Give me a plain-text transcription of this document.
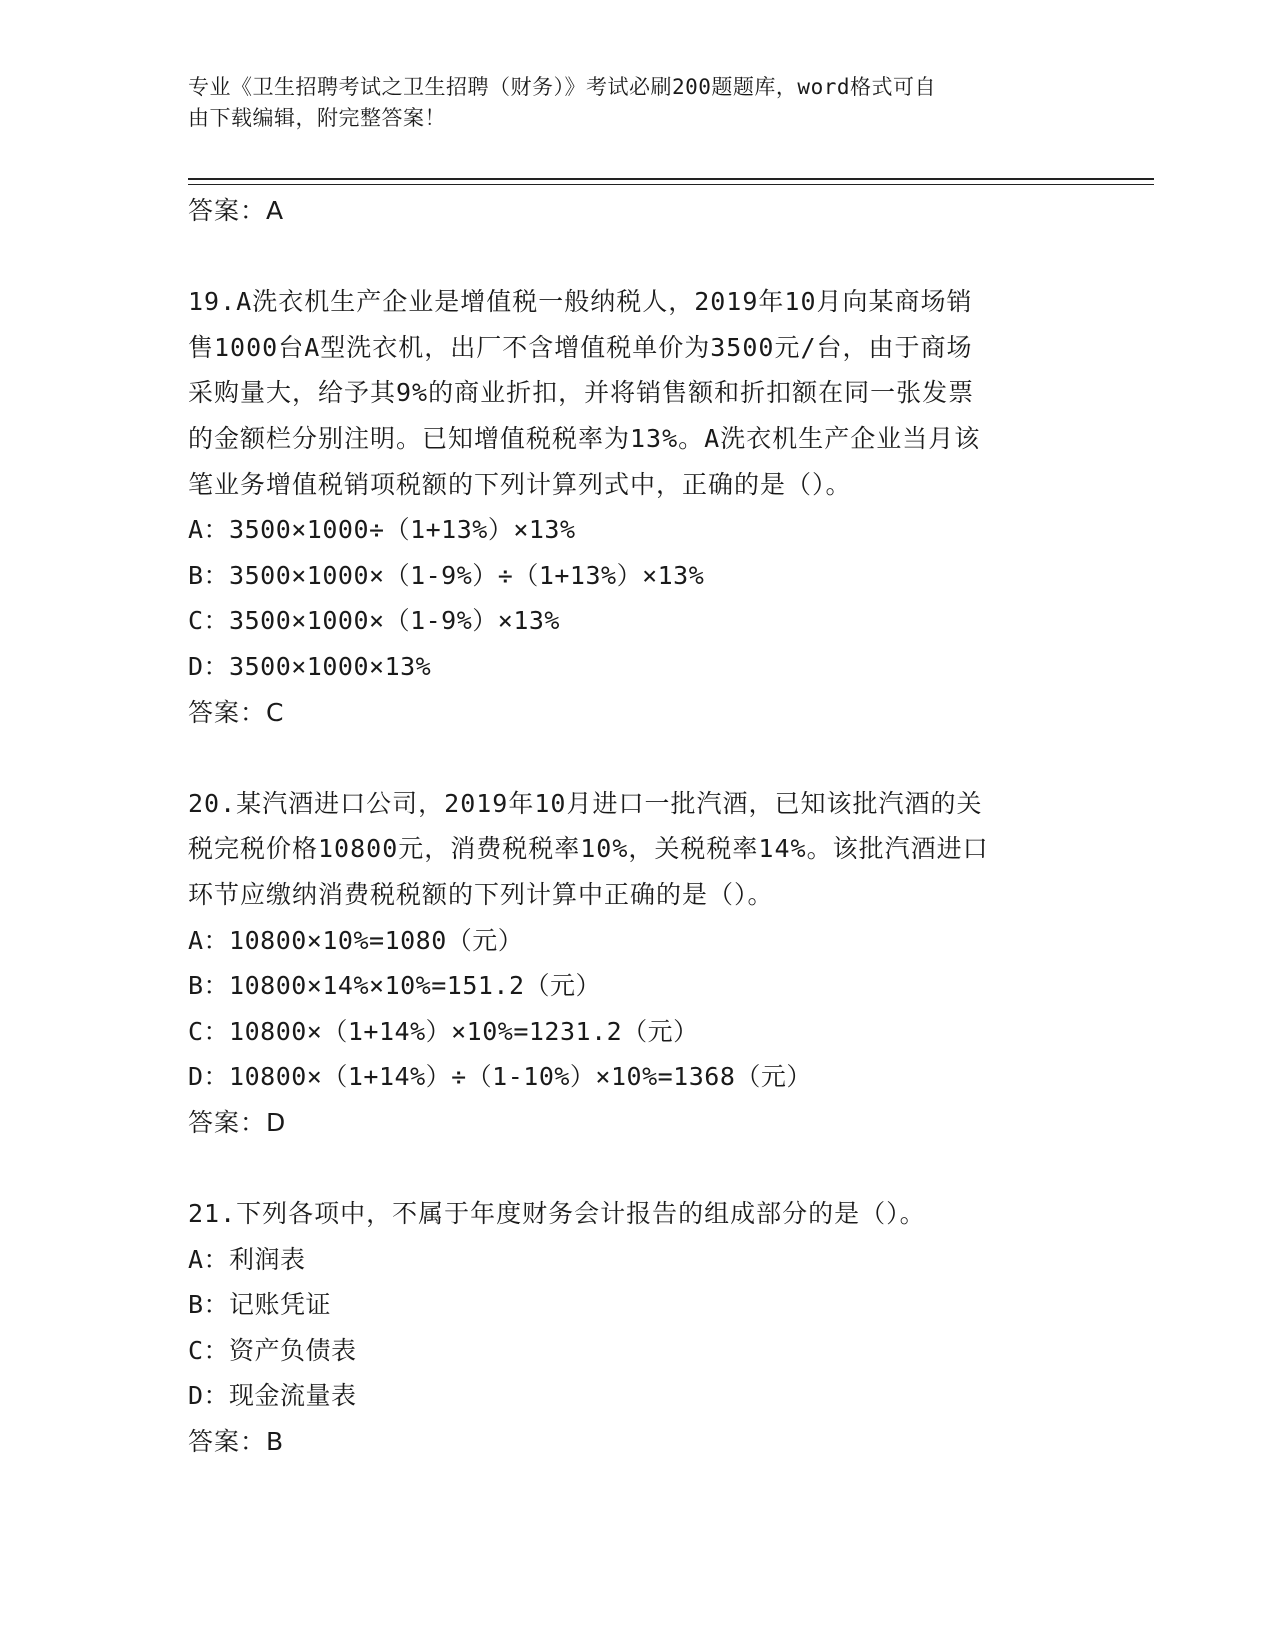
专业《卫生招聘考试之卫生招聘（财务）》考试必刷200题题库，word格式可自
由下载编辑，附完整答案！
答案：A
19.A洗衣机生产企业是增值税一般纳税人，2019年10月向某商场销
售1000台A型洗衣机，出厂不含增值税单价为3500元/台，由于商场
采购量大，给予其9%的商业折扣，并将销售额和折扣额在同一张发票
的金额栏分别注明。已知增值税税率为13%。A洗衣机生产企业当月该
笔业务增值税销项税额的下列计算列式中，正确的是（）。
A：3500×1000÷（1+13%）×13%
B：3500×1000×（1-9%）÷（1+13%）×13%
C：3500×1000×（1-9%）×13%
D：3500×1000×13%
答案：C
20.某汽酒进口公司，2019年10月进口一批汽酒，已知该批汽酒的关
税完税价格10800元，消费税税率10%，关税税率14%。该批汽酒进口
环节应缴纳消费税税额的下列计算中正确的是（）。
A：10800×10%=1080（元）
B：10800×14%×10%=151.2（元）
C：10800×（1+14%）×10%=1231.2（元）
D：10800×（1+14%）÷（1-10%）×10%=1368（元）
答案：D
21.下列各项中，不属于年度财务会计报告的组成部分的是（）。
A：利润表
B：记账凭证
C：资产负债表
D：现金流量表
答案：B
